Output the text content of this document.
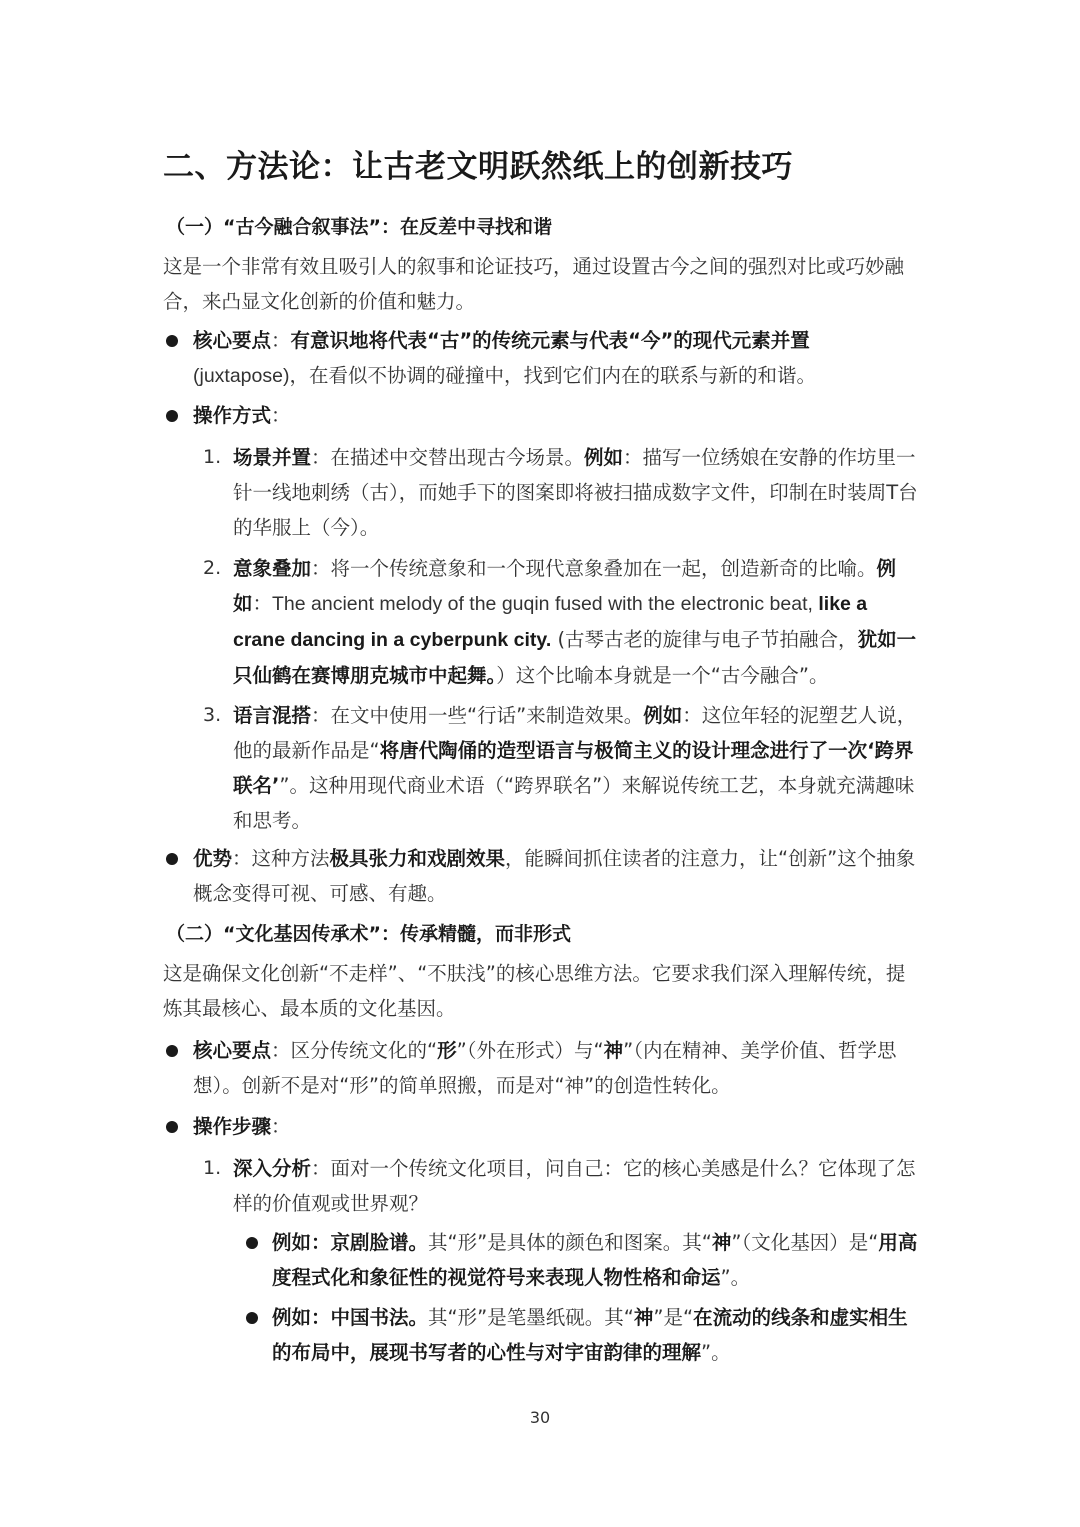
二、方法论：让古老文明跃然纸上的创新技巧
（一）“古今融合叙事法”：在反差中寻找和谐
这是一个非常有效且吸引人的叙事和论证技巧，通过设置古今之间的强烈对比或巧妙融合，来凸显文化创新的价值和魅力。
核心要点：有意识地将代表“古”的传统元素与代表“今”的现代元素并置 (juxtapose)，在看似不协调的碰撞中，找到它们内在的联系与新的和谐。
操作方式：
1. 场景并置：在描述中交替出现古今场景。例如：描写一位绣娘在安静的作坊里一针一线地刺绣（古），而她手下的图案即将被扫描成数字文件，印制在时装周T台的华服上（今）。
2. 意象叠加：将一个传统意象和一个现代意象叠加在一起，创造新奇的比喻。例如：The ancient melody of the guqin fused with the electronic beat, like a crane dancing in a cyberpunk city. (古琴古老的旋律与电子节拍融合，犹如一只仙鹤在赛博朋克城市中起舞。）这个比喻本身就是一个“古今融合”。
3. 语言混搭：在文中使用一些“行话”来制造效果。例如：这位年轻的泥塑艺人说，他的最新作品是“将唐代陶俑的造型语言与极简主义的设计理念进行了一次‘跨界联名’”。这种用现代商业术语（“跨界联名”）来解说传统工艺，本身就充满趣味和思考。
优势：这种方法极具张力和戏剧效果，能瞬间抓住读者的注意力，让“创新”这个抽象概念变得可视、可感、有趣。
（二）“文化基因传承术”：传承精髓，而非形式
这是确保文化创新“不走样”、“不肤浅”的核心思维方法。它要求我们深入理解传统，提炼其最核心、最本质的文化基因。
核心要点：区分传统文化的“形”（外在形式）与“神”（内在精神、美学价值、哲学思想）。创新不是对“形”的简单照搬，而是对“神”的创造性转化。
操作步骤：
1. 深入分析：面对一个传统文化项目，问自己：它的核心美感是什么？它体现了怎样的价值观或世界观？
例如：京剧脸谱。其“形”是具体的颜色和图案。其“神”（文化基因）是“用高度程式化和象征性的视觉符号来表现人物性格和命运”。
例如：中国书法。其“形”是笔墨纸砚。其“神”是“在流动的线条和虚实相生的布局中，展现书写者的心性与对宇宙韵律的理解”。
30
